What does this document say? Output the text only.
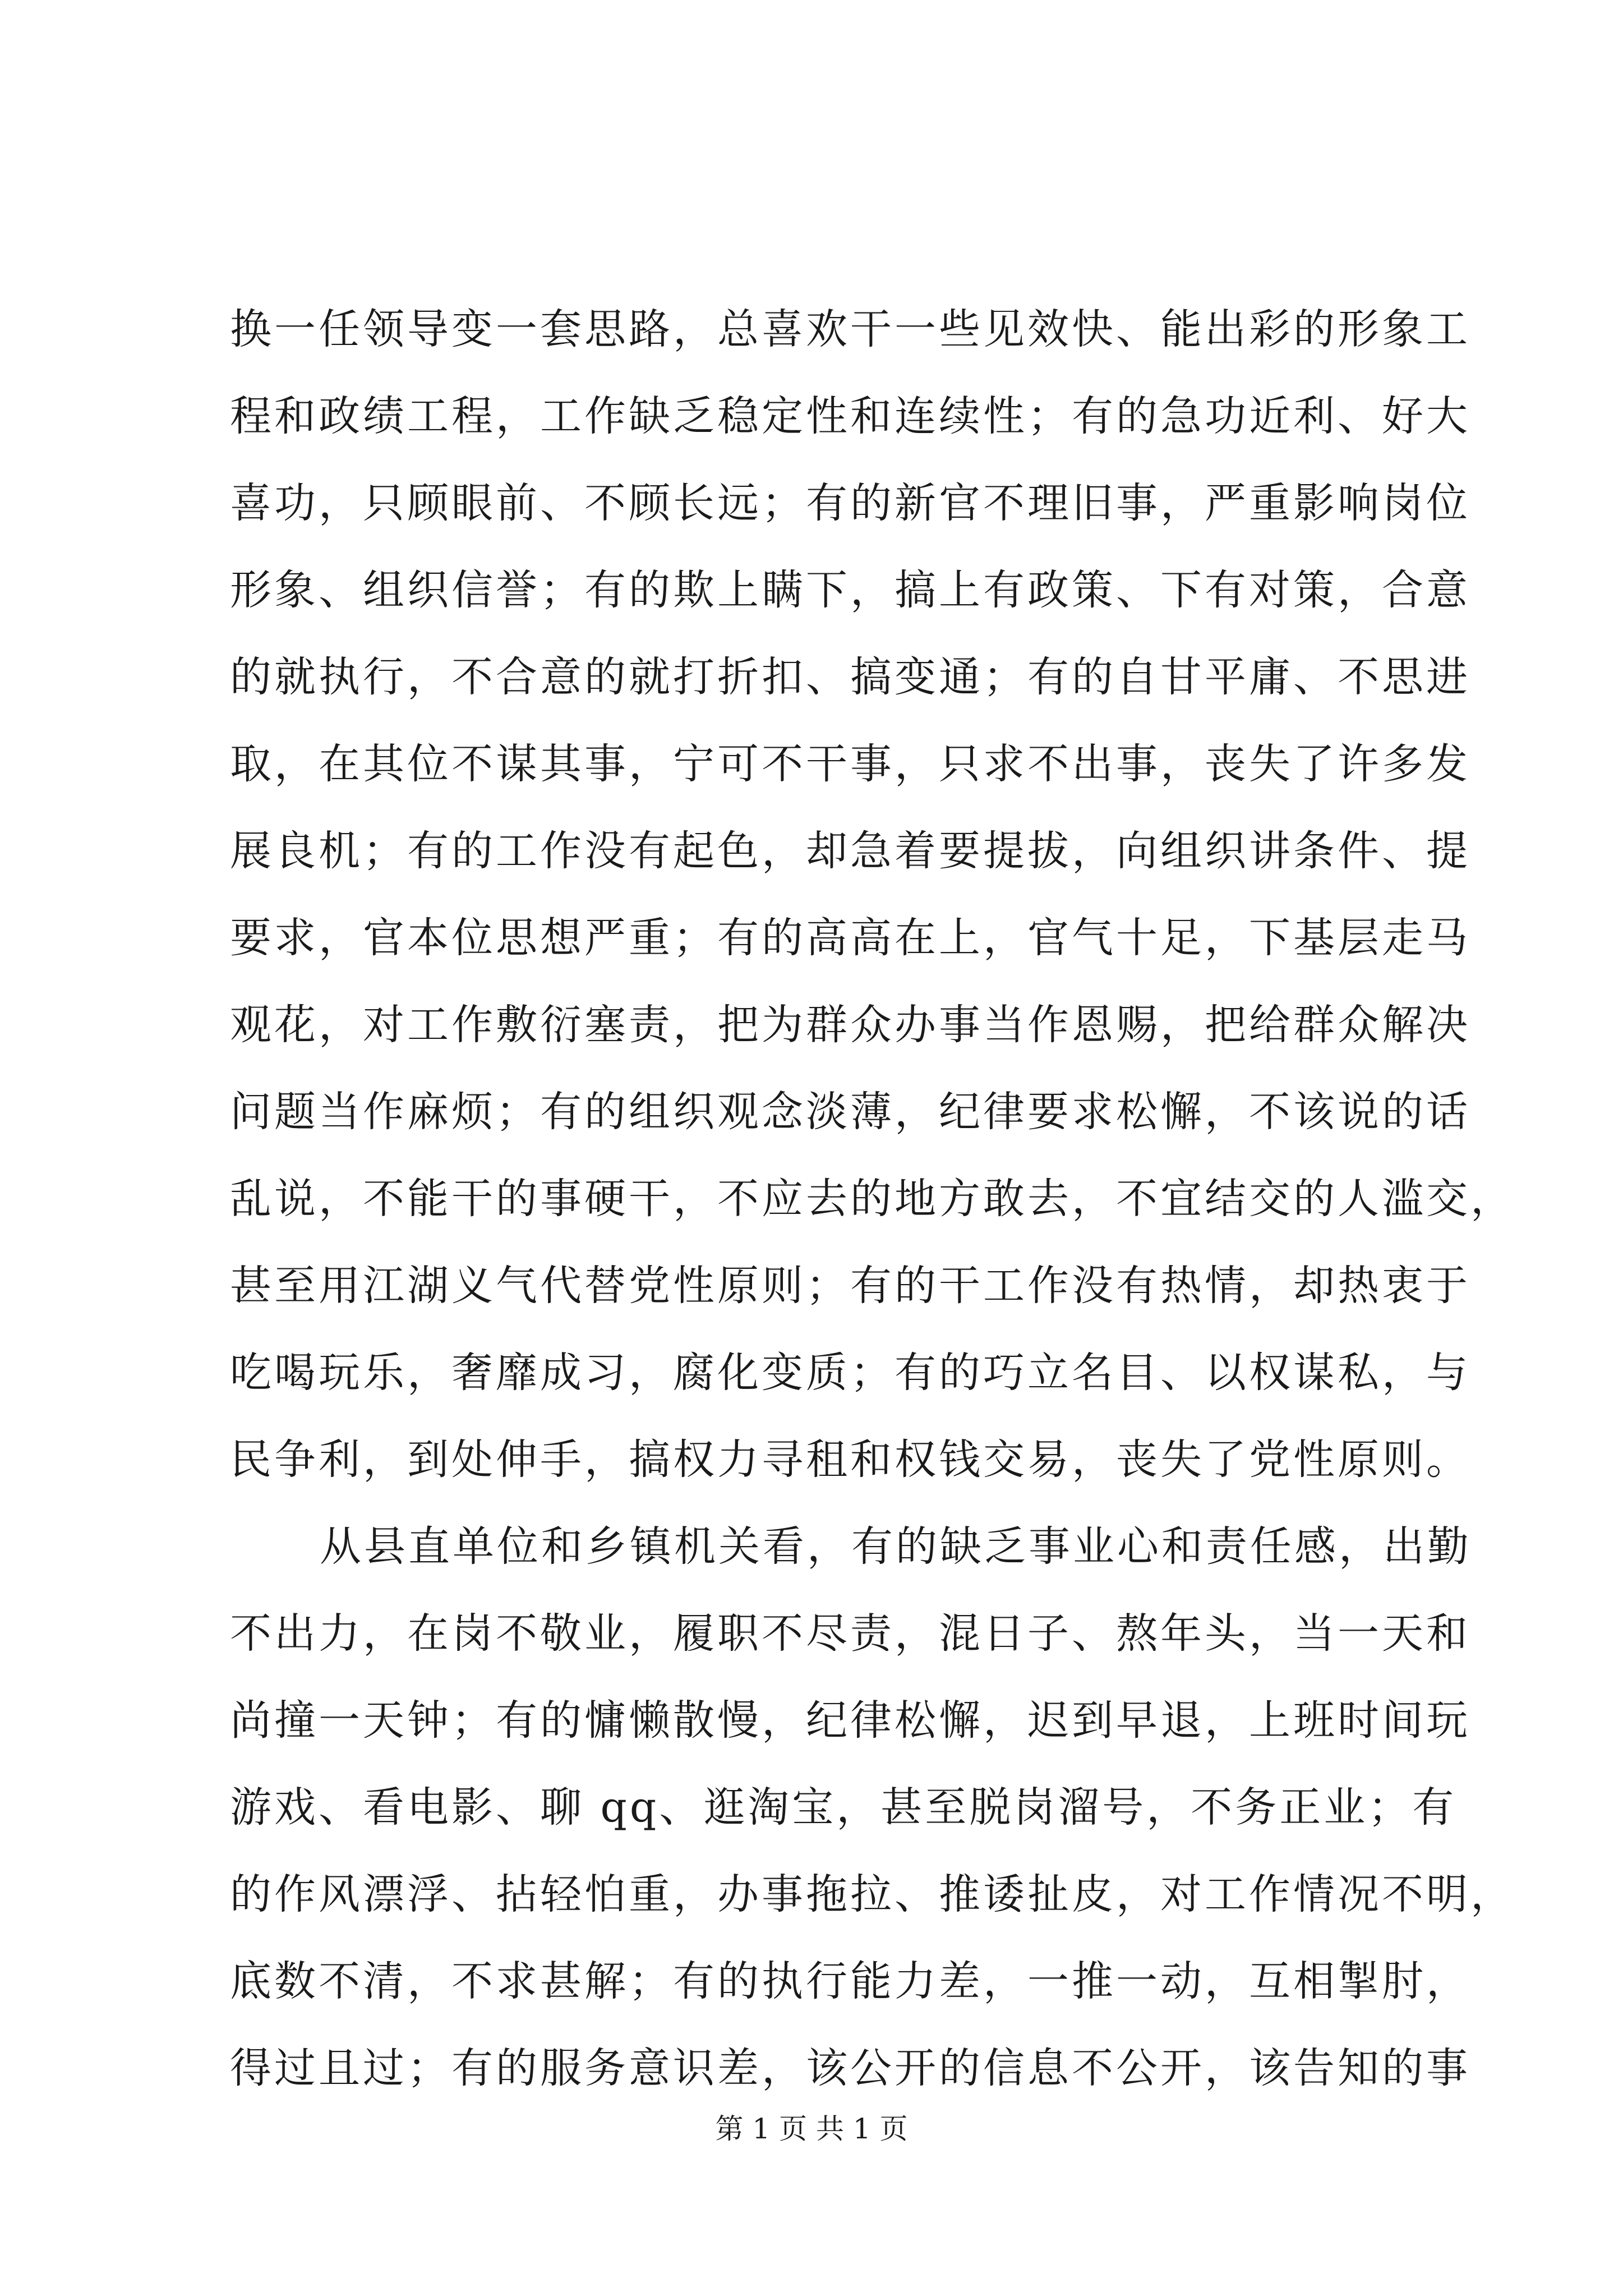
换一任领导变一套思路，总喜欢干一些见效快、能出彩的形象工
程和政绩工程，工作缺乏稳定性和连续性；有的急功近利、好大
喜功，只顾眼前、不顾长远；有的新官不理旧事，严重影响岗位
形象、组织信誉；有的欺上瞒下，搞上有政策、下有对策，合意
的就执行，不合意的就打折扣、搞变通；有的自甘平庸、不思进
取，在其位不谋其事，宁可不干事，只求不出事，丧失了许多发
展良机；有的工作没有起色，却急着要提拔，向组织讲条件、提
要求，官本位思想严重；有的高高在上，官气十足，下基层走马
观花，对工作敷衍塞责，把为群众办事当作恩赐，把给群众解决
问题当作麻烦；有的组织观念淡薄，纪律要求松懈，不该说的话
乱说，不能干的事硬干，不应去的地方敢去，不宜结交的人滥交，
甚至用江湖义气代替党性原则；有的干工作没有热情，却热衷于
吃喝玩乐，奢靡成习，腐化变质；有的巧立名目、以权谋私，与
民争利，到处伸手，搞权力寻租和权钱交易，丧失了党性原则。
从县直单位和乡镇机关看，有的缺乏事业心和责任感，出勤
不出力，在岗不敬业，履职不尽责，混日子、熬年头，当一天和
尚撞一天钟；有的慵懒散慢，纪律松懈，迟到早退，上班时间玩
游戏、看电影、聊 qq、逛淘宝，甚至脱岗溜号，不务正业；有
的作风漂浮、拈轻怕重，办事拖拉、推诿扯皮，对工作情况不明，
底数不清，不求甚解；有的执行能力差，一推一动，互相掣肘，
得过且过；有的服务意识差，该公开的信息不公开，该告知的事
第 1 页 共 1 页
